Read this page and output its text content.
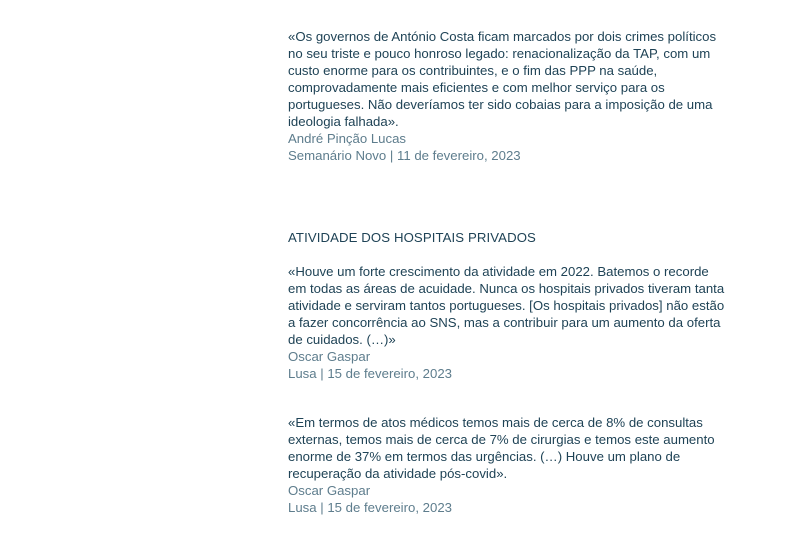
«Os governos de António Costa ficam marcados por dois crimes políticos no seu triste e pouco honroso legado: renacionalização da TAP, com um custo enorme para os contribuintes, e o fim das PPP na saúde, comprovadamente mais eficientes e com melhor serviço para os portugueses. Não deveríamos ter sido cobaias para a imposição de uma ideologia falhada».

André Pinção Lucas

Semanário Novo | 11 de fevereiro, 2023

ATIVIDADE DOS HOSPITAIS PRIVADOS

«Houve um forte crescimento da atividade em 2022. Batemos o recorde em todas as áreas de acuidade. Nunca os hospitais privados tiveram tanta atividade e serviram tantos portugueses. [Os hospitais privados] não estão a fazer concorrência ao SNS, mas a contribuir para um aumento da oferta de cuidados. (…)»

Oscar Gaspar

Lusa | 15 de fevereiro, 2023

«Em termos de atos médicos temos mais de cerca de 8% de consultas externas, temos mais de cerca de 7% de cirurgias e temos este aumento enorme de 37% em termos das urgências. (…) Houve um plano de recuperação da atividade pós-covid».

Oscar Gaspar

Lusa | 15 de fevereiro, 2023
